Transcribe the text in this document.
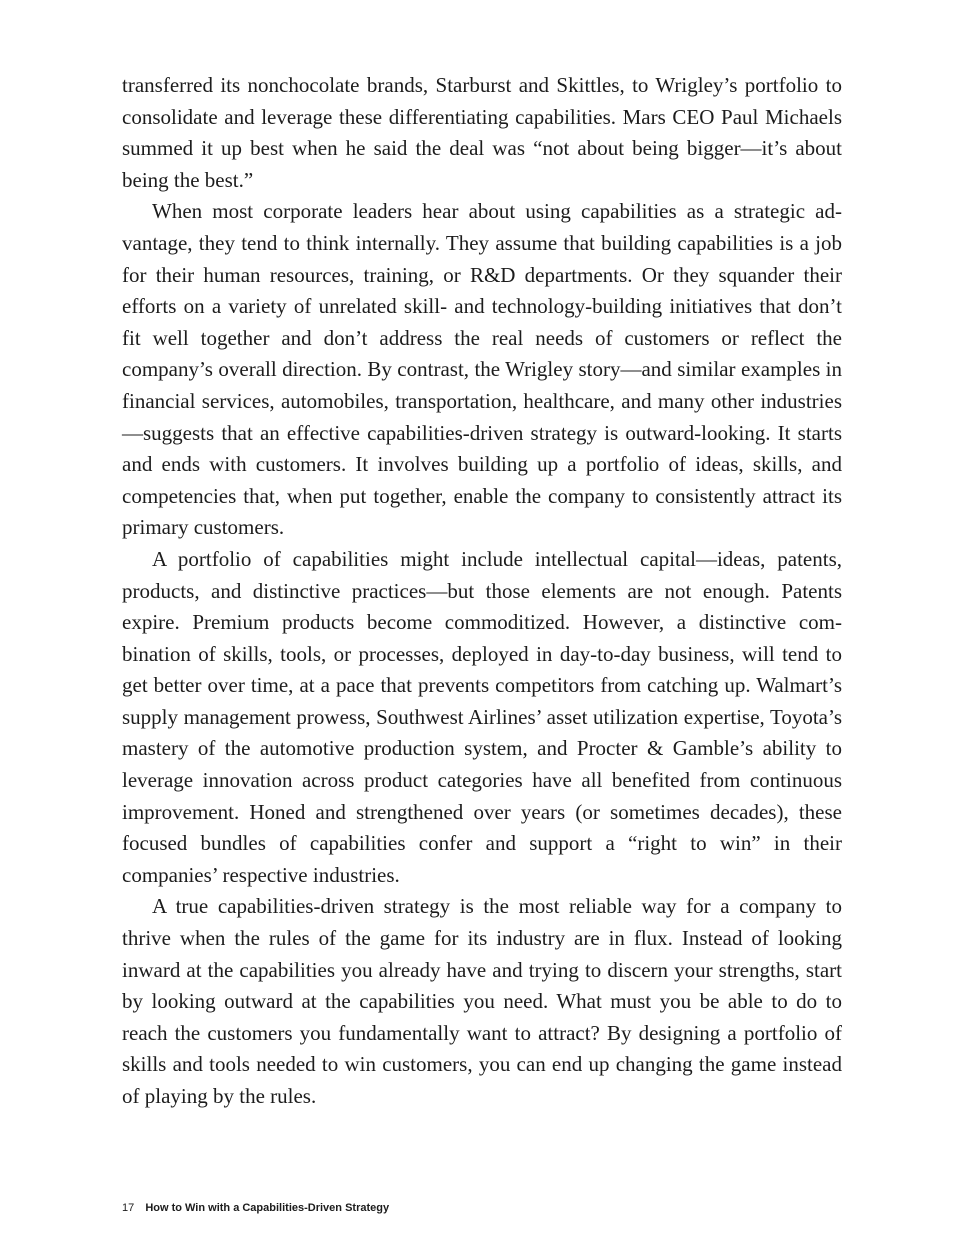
transferred its nonchocolate brands, Starburst and Skittles, to Wrigley’s portfolio to consolidate and leverage these differentiating capabilities. Mars CEO Paul Michaels summed it up best when he said the deal was “not about being bigger—it’s about being the best.”

When most corporate leaders hear about using capabilities as a strategic advantage, they tend to think internally. They assume that building capabilities is a job for their human resources, training, or R&D departments. Or they squander their efforts on a variety of unrelated skill- and technology-building initiatives that don’t fit well together and don’t address the real needs of customers or reflect the company’s overall direction. By contrast, the Wrigley story—and similar examples in financial services, automobiles, transportation, healthcare, and many other industries—suggests that an effective capabilities-driven strategy is outward-looking. It starts and ends with customers. It involves building up a portfolio of ideas, skills, and competencies that, when put together, enable the company to consistently attract its primary customers.

A portfolio of capabilities might include intellectual capital—ideas, patents, products, and distinctive practices—but those elements are not enough. Patents expire. Premium products become commoditized. However, a distinctive combination of skills, tools, or processes, deployed in day-to-day business, will tend to get better over time, at a pace that prevents competitors from catching up. Walmart’s supply management prowess, Southwest Airlines’ asset utilization expertise, Toyota’s mastery of the automotive production system, and Procter & Gamble’s ability to leverage innovation across product categories have all benefited from continuous improvement. Honed and strengthened over years (or sometimes decades), these focused bundles of capabilities confer and support a “right to win” in their companies’ respective industries.

A true capabilities-driven strategy is the most reliable way for a company to thrive when the rules of the game for its industry are in flux. Instead of looking inward at the capabilities you already have and trying to discern your strengths, start by looking outward at the capabilities you need. What must you be able to do to reach the customers you fundamentally want to attract? By designing a portfolio of skills and tools needed to win customers, you can end up changing the game instead of playing by the rules.

17 How to Win with a Capabilities-Driven Strategy
